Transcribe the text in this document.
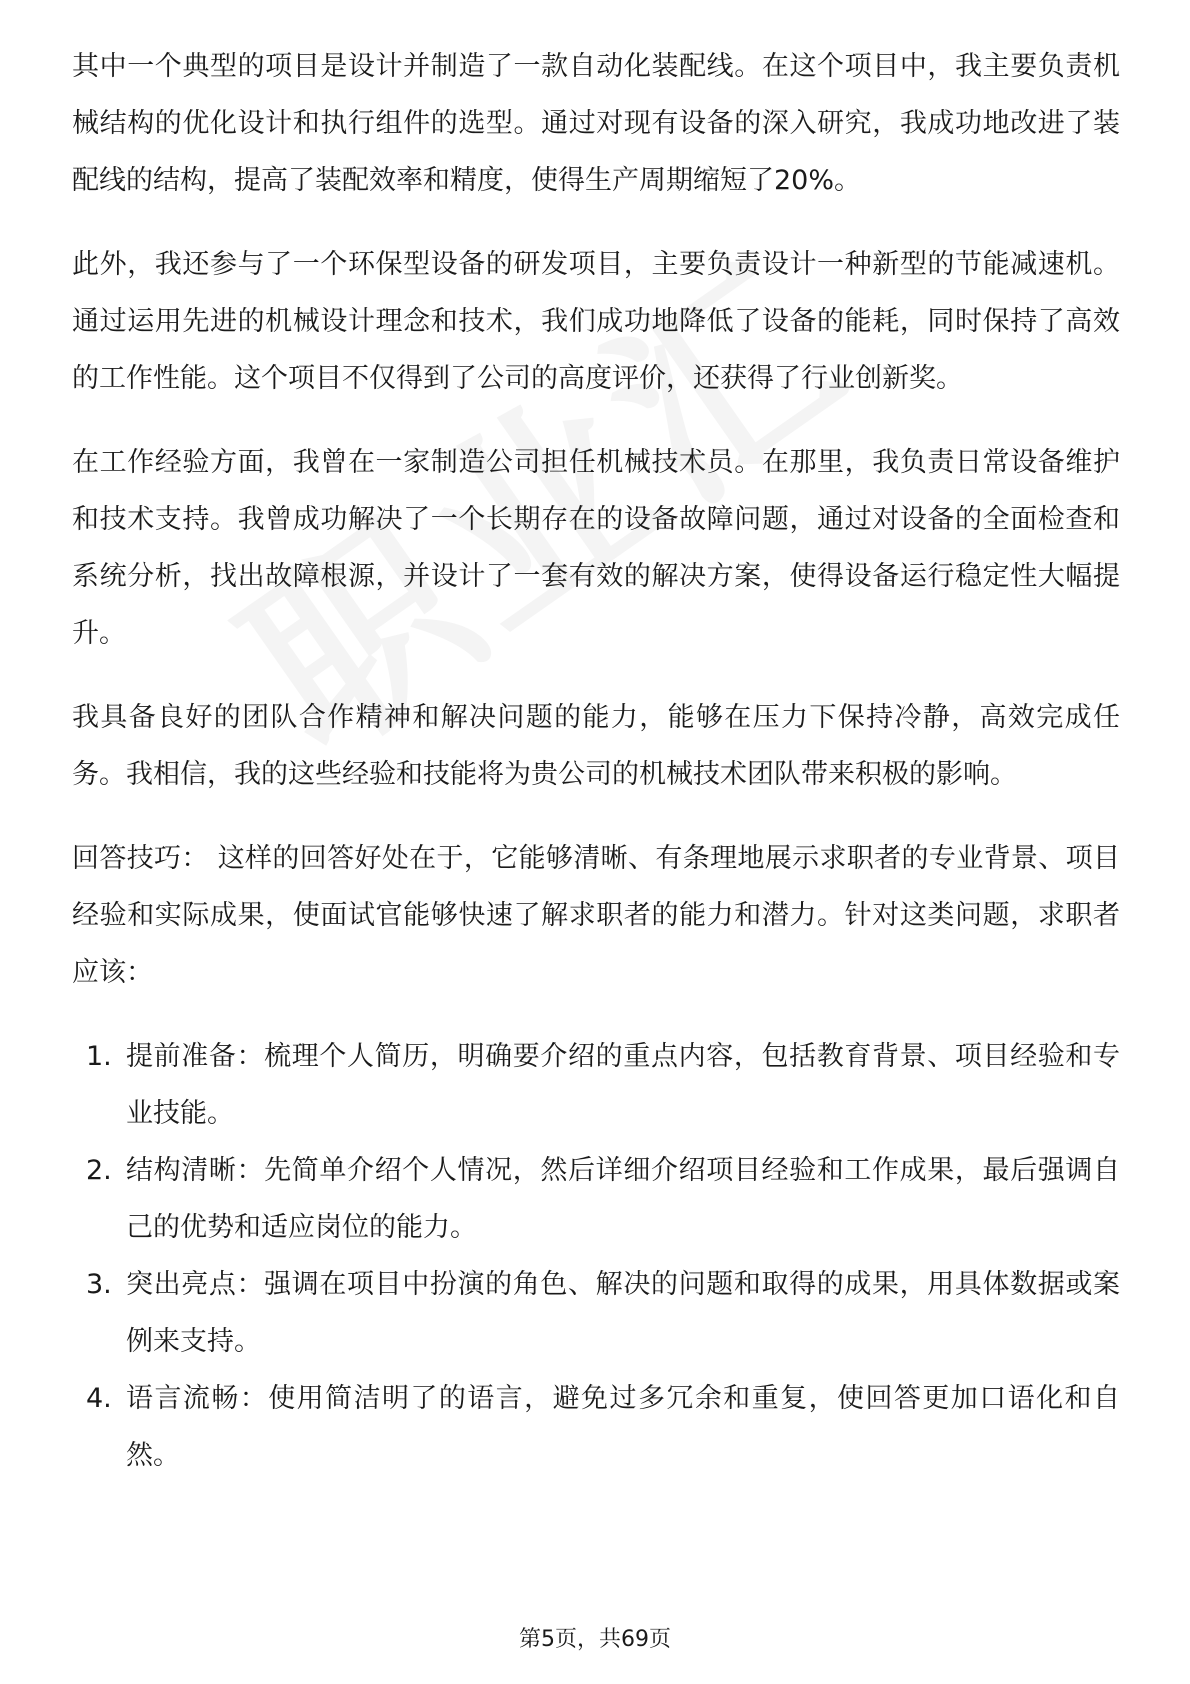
其中一个典型的项目是设计并制造了一款自动化装配线。在这个项目中，我主要负责机械结构的优化设计和执行组件的选型。通过对现有设备的深入研究，我成功地改进了装配线的结构，提高了装配效率和精度，使得生产周期缩短了20%。

此外，我还参与了一个环保型设备的研发项目，主要负责设计一种新型的节能减速机。通过运用先进的机械设计理念和技术，我们成功地降低了设备的能耗，同时保持了高效的工作性能。这个项目不仅得到了公司的高度评价，还获得了行业创新奖。

在工作经验方面，我曾在一家制造公司担任机械技术员。在那里，我负责日常设备维护和技术支持。我曾成功解决了一个长期存在的设备故障问题，通过对设备的全面检查和系统分析，找出故障根源，并设计了一套有效的解决方案，使得设备运行稳定性大幅提升。

我具备良好的团队合作精神和解决问题的能力，能够在压力下保持冷静，高效完成任务。我相信，我的这些经验和技能将为贵公司的机械技术团队带来积极的影响。

回答技巧： 这样的回答好处在于，它能够清晰、有条理地展示求职者的专业背景、项目经验和实际成果，使面试官能够快速了解求职者的能力和潜力。针对这类问题，求职者应该：

1. 提前准备：梳理个人简历，明确要介绍的重点内容，包括教育背景、项目经验和专业技能。
2. 结构清晰：先简单介绍个人情况，然后详细介绍项目经验和工作成果，最后强调自己的优势和适应岗位的能力。
3. 突出亮点：强调在项目中扮演的角色、解决的问题和取得的成果，用具体数据或案例来支持。
4. 语言流畅：使用简洁明了的语言，避免过多冗余和重复，使回答更加口语化和自然。
第5页，共69页
